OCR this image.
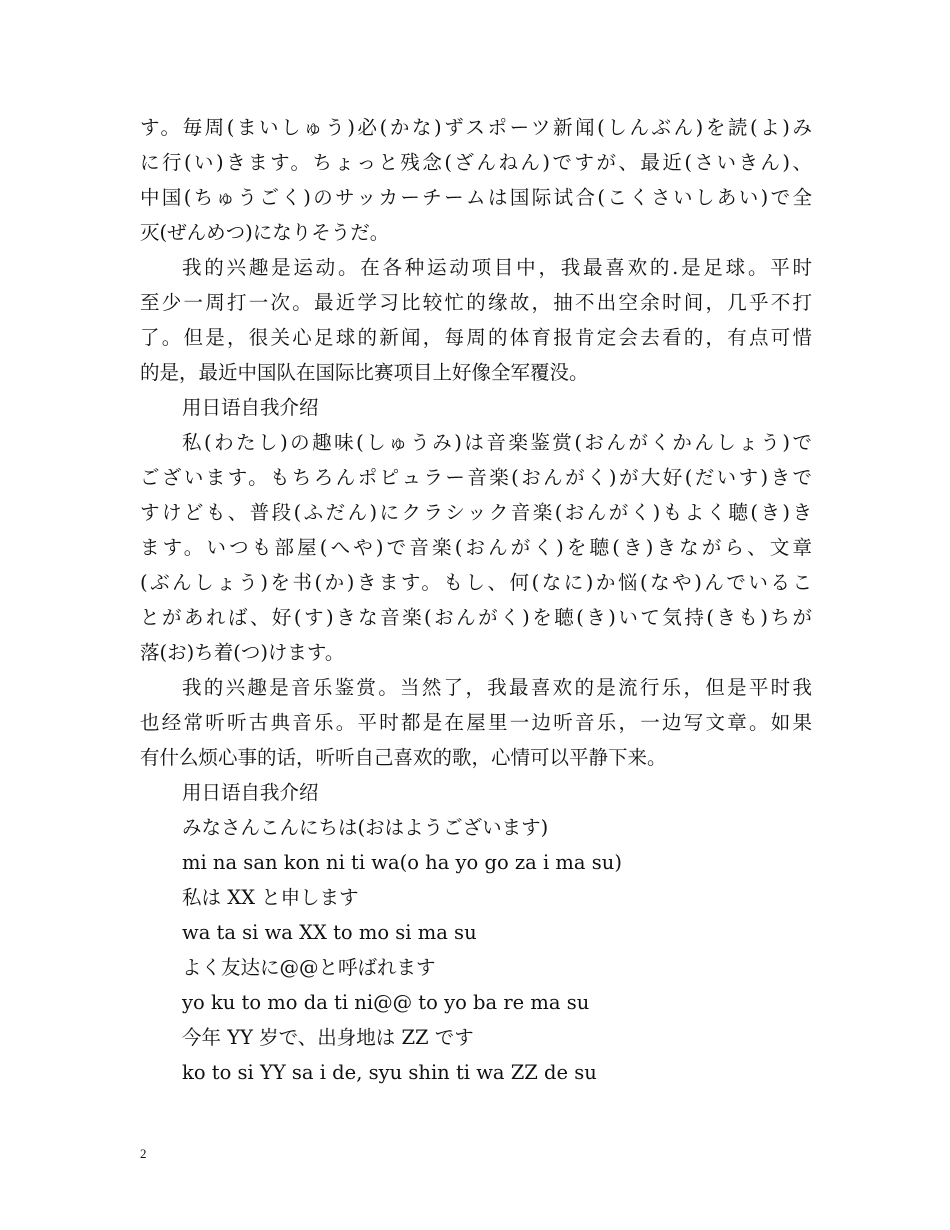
す。毎周(まいしゅう)必(かな)ずスポーツ新闻(しんぶん)を読(よ)み
に行(い)きます。ちょっと残念(ざんねん)ですが、最近(さいきん)、
中国(ちゅうごく)のサッカーチームは国际试合(こくさいしあい)で全
灭(ぜんめつ)になりそうだ。
我的兴趣是运动。在各种运动项目中，我最喜欢的.是足球。平时
至少一周打一次。最近学习比较忙的缘故，抽不出空余时间，几乎不打
了。但是，很关心足球的新闻，每周的体育报肯定会去看的，有点可惜
的是，最近中国队在国际比赛项目上好像全军覆没。
用日语自我介绍
私(わたし)の趣味(しゅうみ)は音楽鉴赏(おんがくかんしょう)で
ございます。もちろんポピュラー音楽(おんがく)が大好(だいす)きで
すけども、普段(ふだん)にクラシック音楽(おんがく)もよく聴(き)き
ます。いつも部屋(へや)で音楽(おんがく)を聴(き)きながら、文章
(ぶんしょう)を书(か)きます。もし、何(なに)か悩(なや)んでいるこ
とがあれば、好(す)きな音楽(おんがく)を聴(き)いて気持(きも)ちが
落(お)ち着(つ)けます。
我的兴趣是音乐鉴赏。当然了，我最喜欢的是流行乐，但是平时我
也经常听听古典音乐。平时都是在屋里一边听音乐，一边写文章。如果
有什么烦心事的话，听听自己喜欢的歌，心情可以平静下来。
用日语自我介绍
みなさんこんにちは(おはようございます)
mi na san kon ni ti wa(o ha yo go za i ma su)
私は XX と申します
wa ta si wa XX to mo si ma su
よく友达に@@と呼ばれます
yo ku to mo da ti ni@@ to yo ba re ma su
今年 YY 岁で、出身地は ZZ です
ko to si YY sa i de, syu shin ti wa ZZ de su
2
